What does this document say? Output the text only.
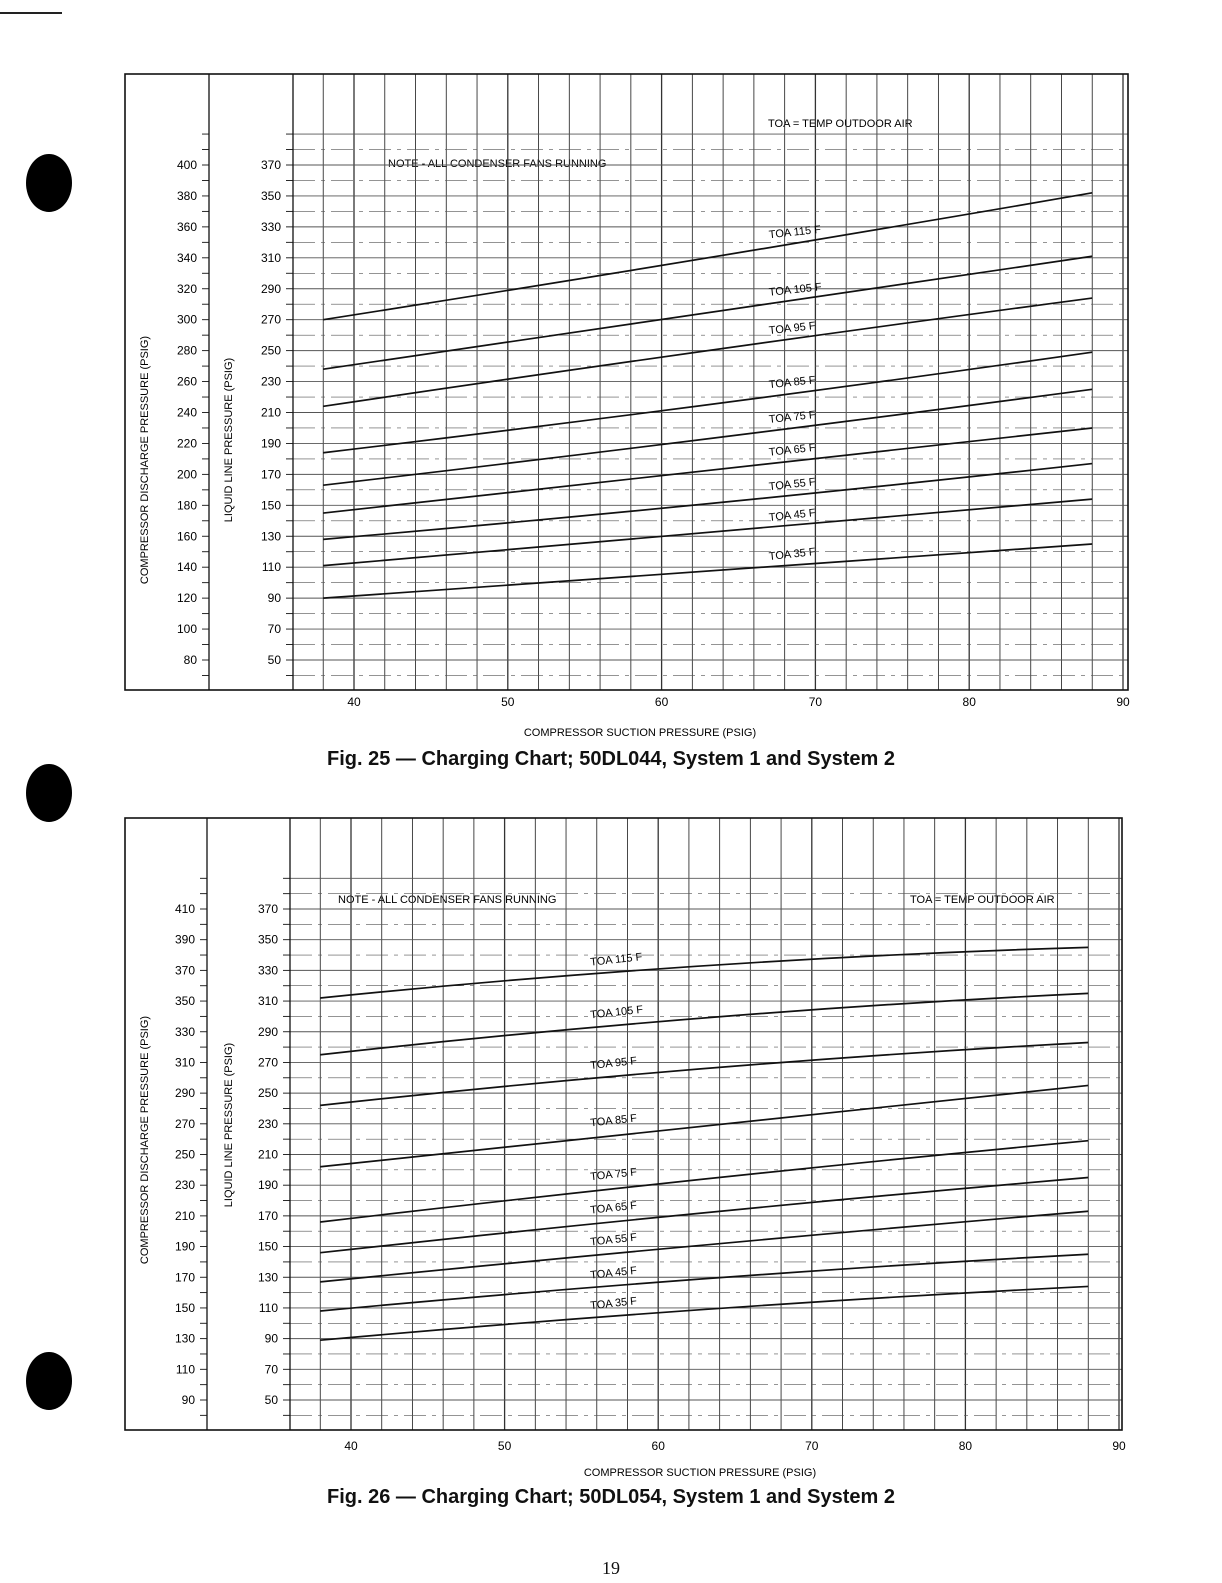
COMPRESSOR DISCHARGE PRESSURE (PSIG)	LIQUID LINE PRESSURE (PSIG)
NOTE - ALL CONDENSER FANS RUNNING
TOA = TEMP OUTDOOR AIR
COMPRESSOR SUCTION PRESSURE (PSIG)
TOA 115 F
TOA 105 F
TOA 95 F
TOA 85 F
TOA 75 F
TOA 65 F
TOA 55 F
TOA 45 F
TOA 35 F
80
100
120
140
160
180
200
220
240
260
280
300
320
340
360
380
400
50
70
90
110
130
150
170
190
210
230
250
270
290
310
330
350
370
40	50	60	70	80	90
Fig. 25 — Charging Chart; 50DL044, System 1 and System 2
COMPRESSOR DISCHARGE PRESSURE (PSIG)	LIQUID LINE PRESSURE (PSIG)
NOTE - ALL CONDENSER FANS RUNNING	TOA = TEMP OUTDOOR AIR
COMPRESSOR SUCTION PRESSURE (PSIG)
TOA 115 F
TOA 105 F
TOA 95 F
TOA 85 F
TOA 75 F
TOA 65 F
TOA 55 F
TOA 45 F
TOA 35 F
90
110
130
150
170
190
210
230
250
270
290
310
330
350
370
390
410
50
70
90
110
130
150
170
190
210
230
250
270
290
310
330
350
370
40	50	60	70	80	90
Fig. 26 — Charging Chart; 50DL054, System 1 and System 2
19
